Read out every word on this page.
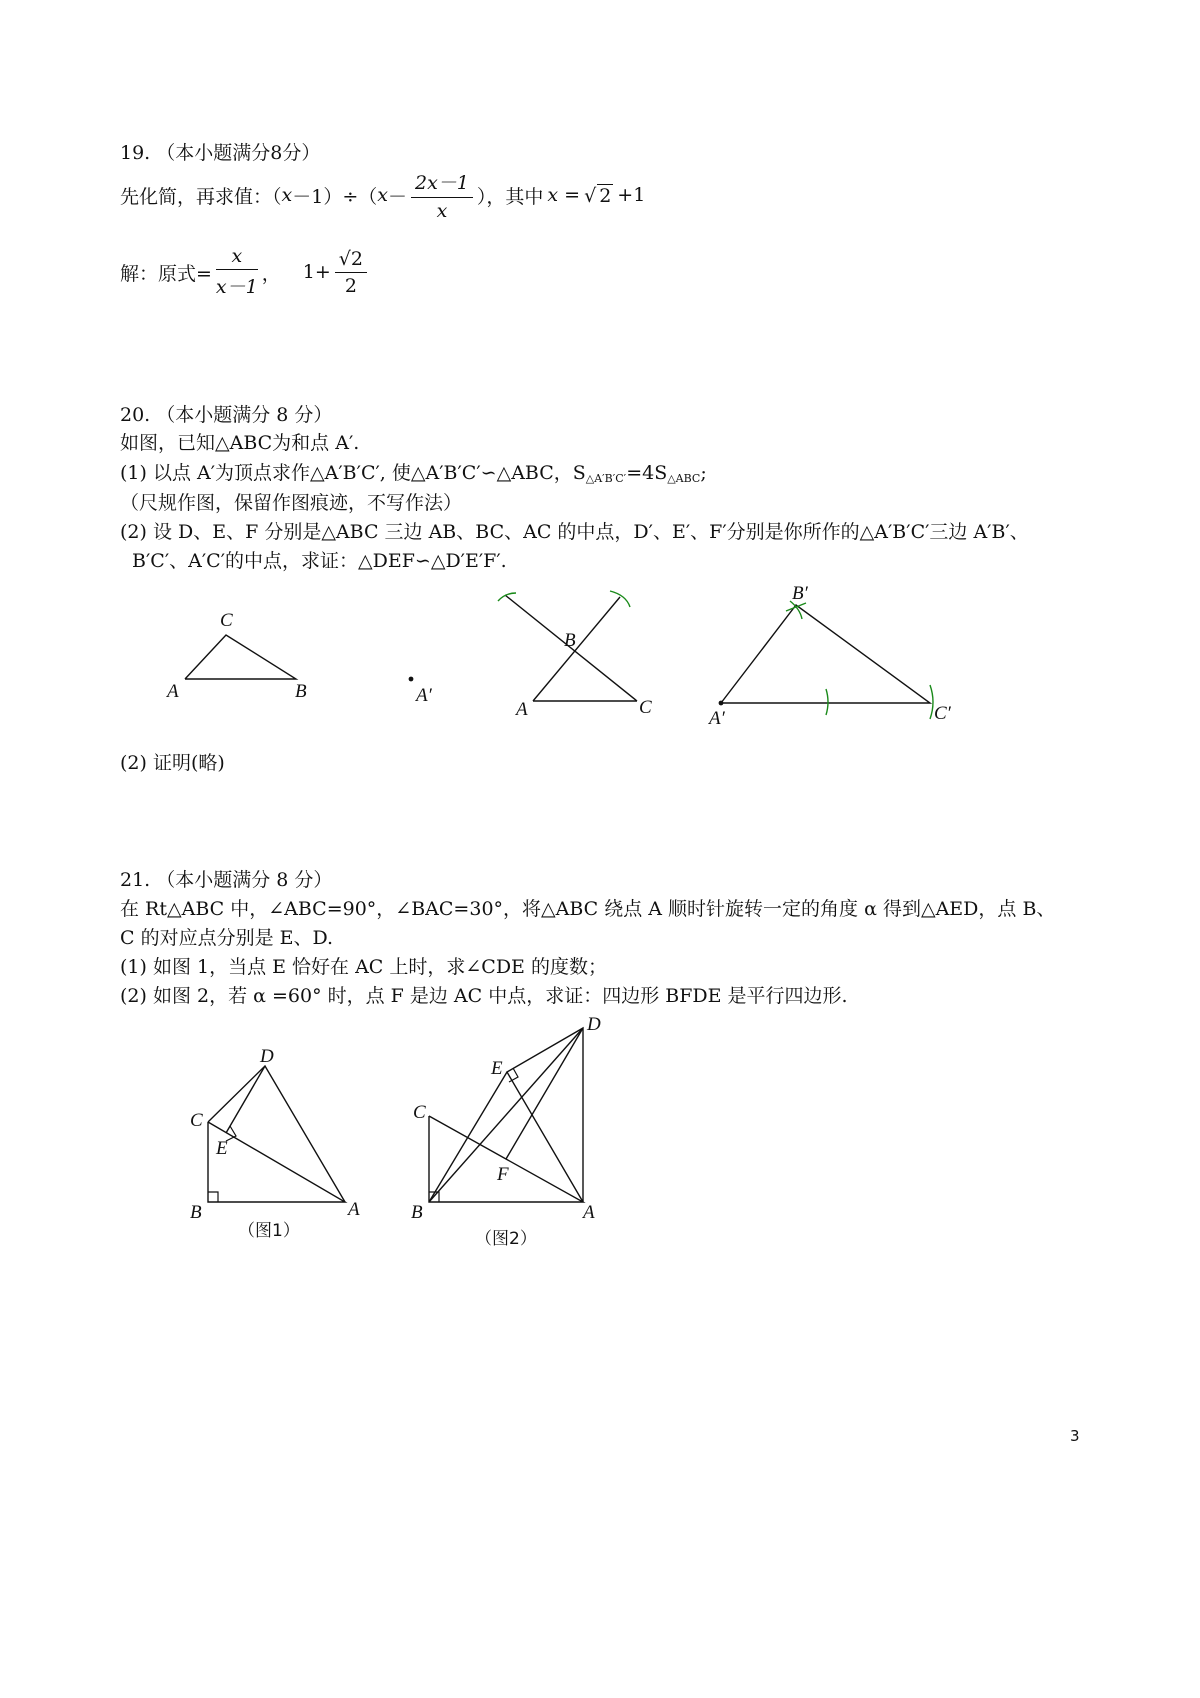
19. （本小题满分8分）
先化简，再求值：（ x －1）÷（ $x - \frac{2x-1}{x}$ ），其中 x = √ 2 +1
解：原式= $\frac{x}{x-1}$ ， $1+ \frac{√2}{2}$
20. （本小题满分 8 分）
如图，已知△ABC为和点 A′.
(1) 以点 A′为顶点求作△A′B′C′, 使△A′B′C′∽△ABC，$S_{\triangle A'B'C'}=4S_{\triangle ABC}$;
（尺规作图，保留作图痕迹，不写作法）
(2) 设 D、E、F 分别是△ABC 三边 AB、BC、AC 的中点，D′、E′、F′分别是你所作的△A′B′C′三边 A′B′、
B′C′、A′C′的中点，求证：△DEF∽△D′E′F′.
C
A	B	A′
B
A	C
B′
A′	C′
(2) 证明(略)
21. （本小题满分 8 分）
在 Rt△ABC 中，∠ABC=90°，∠BAC=30°，将△ABC 绕点 A 顺时针旋转一定的角度 α 得到△AED，点 B、
C 的对应点分别是 E、D.
(1) 如图 1，当点 E 恰好在 AC 上时，求∠CDE 的度数；
(2) 如图 2，若 α =60° 时，点 F 是边 AC 中点，求证：四边形 BFDE 是平行四边形.
D
C
E
B	A
（图1）
D
E
C
F
B	A
（图2）
3
